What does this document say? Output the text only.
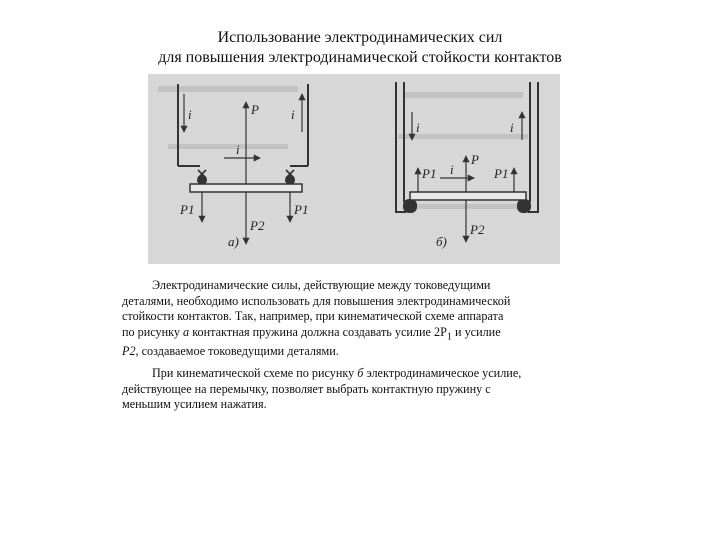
Использование электродинамических сил
для повышения электродинамической стойкости контактов
i	i
i
P
P1	P1
P2
а)
i	i
i
P
P1	P1
P2
б)
Электродинамические силы, действующие между токоведущими
деталями, необходимо использовать для повышения электродинамической
стойкости контактов. Так, например, при кинематической схеме аппарата
по рисунку а контактная пружина должна создавать усилие $2P_1$ и усилие
P2, создаваемое токоведущими деталями.
При кинематической схеме по рисунку б электродинамическое усилие,
действующее на перемычку, позволяет выбрать контактную пружину с
меньшим усилием нажатия.
